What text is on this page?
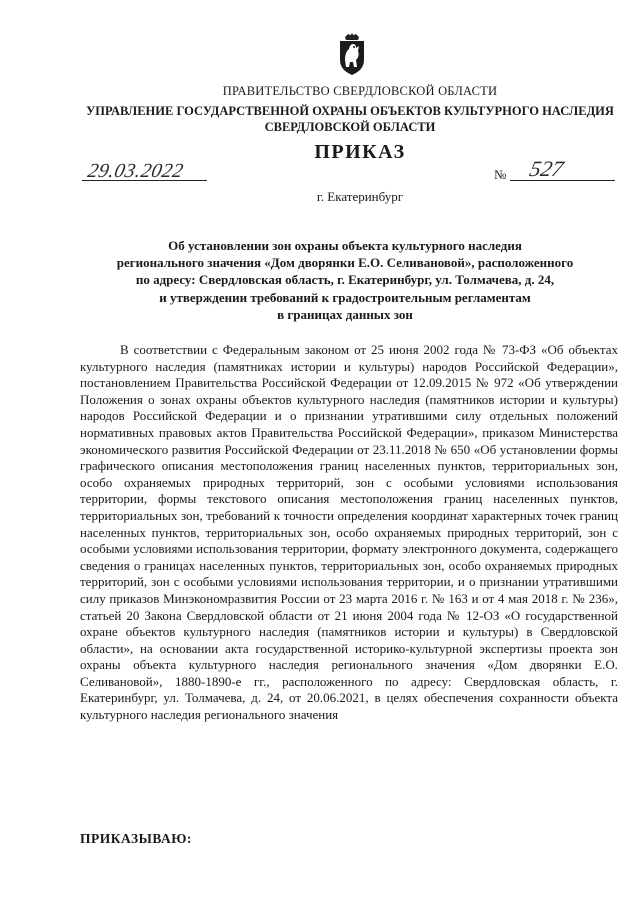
ПРАВИТЕЛЬСТВО СВЕРДЛОВСКОЙ ОБЛАСТИ
УПРАВЛЕНИЕ ГОСУДАРСТВЕННОЙ ОХРАНЫ ОБЪЕКТОВ КУЛЬТУРНОГО НАСЛЕДИЯ
СВЕРДЛОВСКОЙ ОБЛАСТИ
ПРИКАЗ
29.03.2022	№ 527
г. Екатеринбург
Об установлении зон охраны объекта культурного наследия
регионального значения «Дом дворянки Е.О. Селивановой», расположенного
по адресу: Свердловская область, г. Екатеринбург, ул. Толмачева, д. 24,
и утверждении требований к градостроительным регламентам
в границах данных зон
В соответствии с Федеральным законом от 25 июня 2002 года № 73-ФЗ «Об объектах культурного наследия (памятниках истории и культуры) народов Российской Федерации», постановлением Правительства Российской Федерации от 12.09.2015 № 972 «Об утверждении Положения о зонах охраны объектов культурного наследия (памятников истории и культуры) народов Российской Федерации и о признании утратившими силу отдельных положений нормативных правовых актов Правительства Российской Федерации», приказом Министерства экономического развития Российской Федерации от 23.11.2018 № 650 «Об установлении формы графического описания местоположения границ населенных пунктов, территориальных зон, особо охраняемых природных территорий, зон с особыми условиями использования территории, формы текстового описания местоположения границ населенных пунктов, территориальных зон, требований к точности определения координат характерных точек границ населенных пунктов, территориальных зон, особо охраняемых природных территорий, зон с особыми условиями использования территории, формату электронного документа, содержащего сведения о границах населенных пунктов, территориальных зон, особо охраняемых природных территорий, зон с особыми условиями использования территории, и о признании утратившими силу приказов Минэкономразвития России от 23 марта 2016 г. № 163 и от 4 мая 2018 г. № 236», статьей 20 Закона Свердловской области от 21 июня 2004 года № 12-ОЗ «О государственной охране объектов культурного наследия (памятников истории и культуры) в Свердловской области», на основании акта государственной историко-культурной экспертизы проекта зон охраны объекта культурного наследия регионального значения «Дом дворянки Е.О. Селивановой», 1880-1890-е гг., расположенного по адресу: Свердловская область, г. Екатеринбург, ул. Толмачева, д. 24, от 20.06.2021, в целях обеспечения сохранности объекта культурного наследия регионального значения
ПРИКАЗЫВАЮ:
